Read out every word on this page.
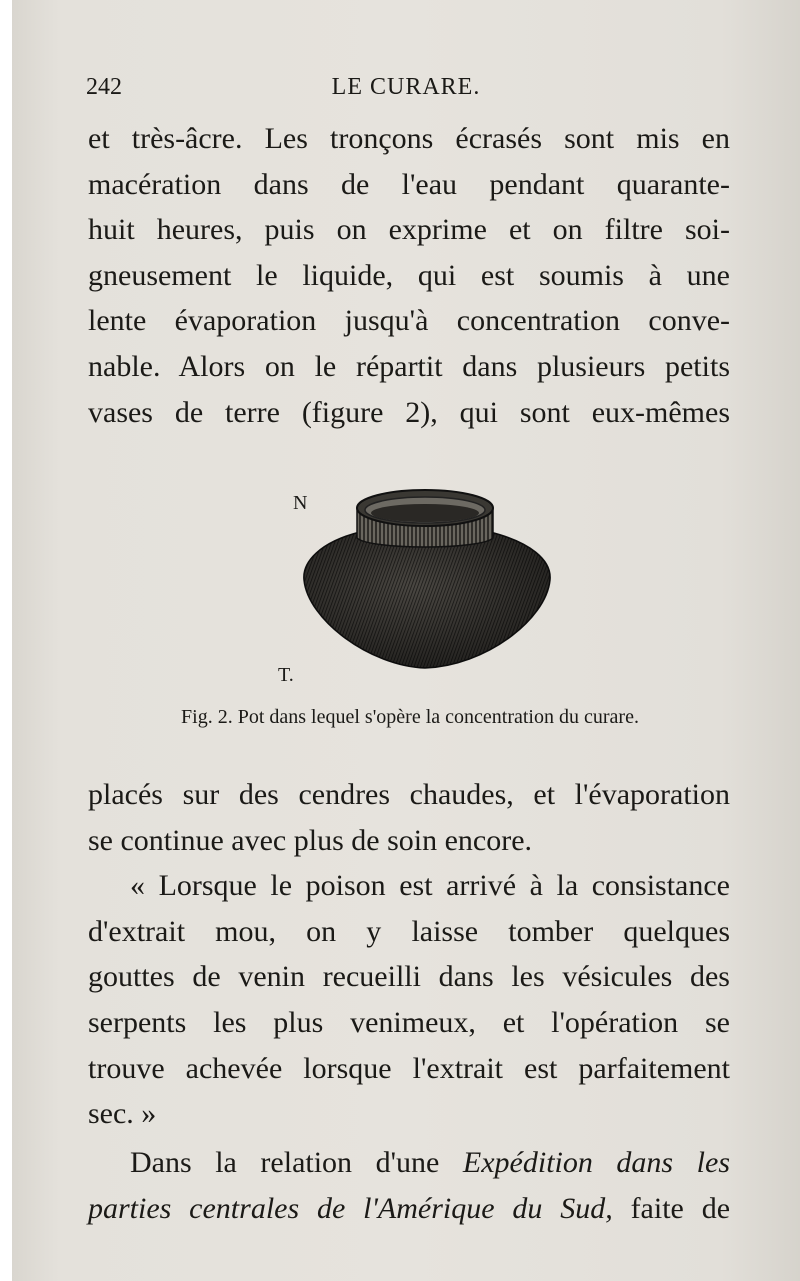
242	LE CURARE.
et très-âcre. Les tronçons écrasés sont mis en
macération dans de l'eau pendant quarante-
huit heures, puis on exprime et on filtre soi-
gneusement le liquide, qui est soumis à une
lente évaporation jusqu'à concentration conve-
nable. Alors on le répartit dans plusieurs petits
vases de terre (figure 2), qui sont eux-mêmes
N
T.
Fig. 2. Pot dans lequel s'opère la concentration du curare.
placés sur des cendres chaudes, et l'évaporation
se continue avec plus de soin encore.
« Lorsque le poison est arrivé à la consistance
d'extrait mou, on y laisse tomber quelques
gouttes de venin recueilli dans les vésicules des
serpents les plus venimeux, et l'opération se
trouve achevée lorsque l'extrait est parfaitement
sec. »
Dans la relation d'une Expédition dans les
parties centrales de l'Amérique du Sud, faite de
